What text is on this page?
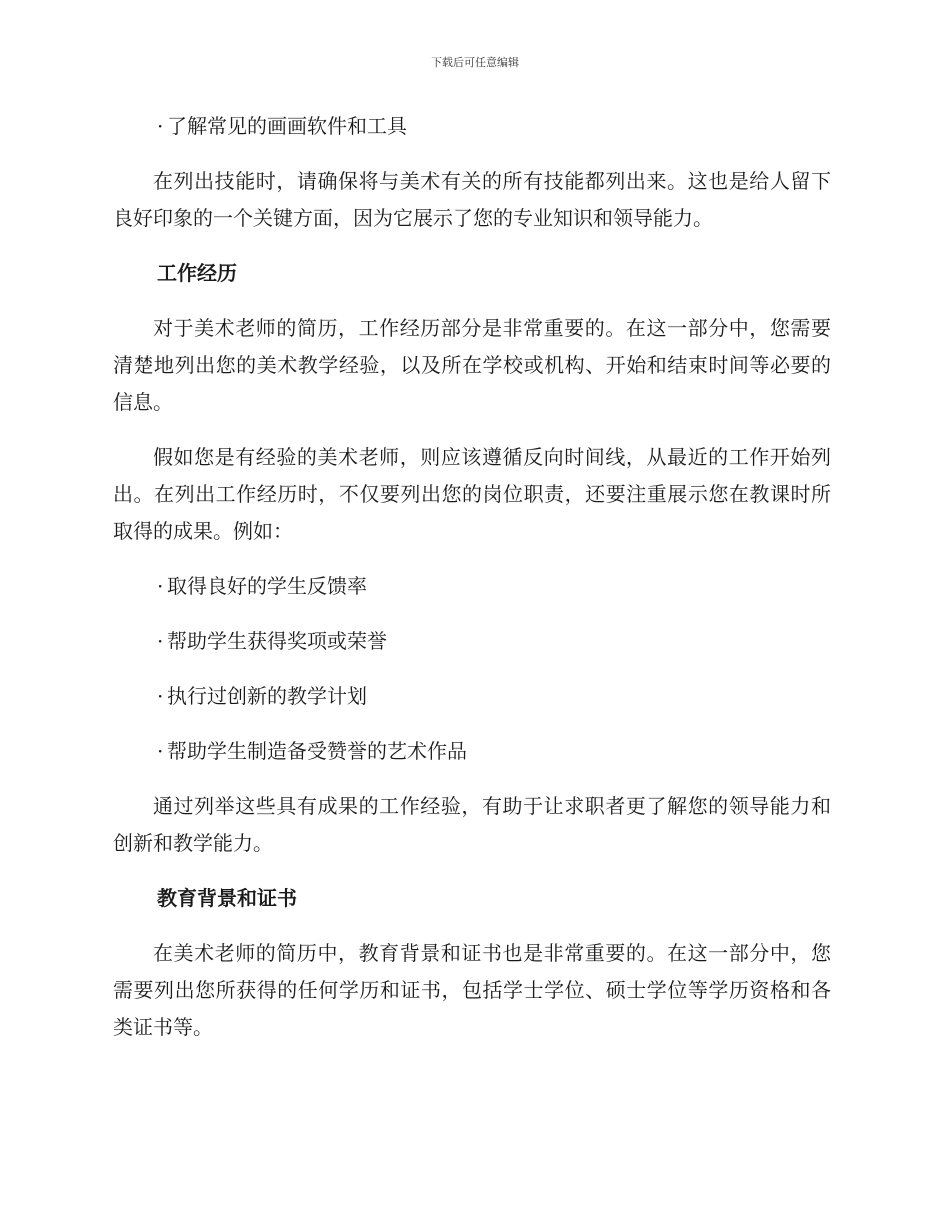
下载后可任意编辑
· 了解常见的画画软件和工具

在列出技能时，请确保将与美术有关的所有技能都列出来。这也是给人留下良好印象的一个关键方面，因为它展示了您的专业知识和领导能力。

工作经历

对于美术老师的简历，工作经历部分是非常重要的。在这一部分中，您需要清楚地列出您的美术教学经验，以及所在学校或机构、开始和结束时间等必要的信息。

假如您是有经验的美术老师，则应该遵循反向时间线，从最近的工作开始列出。在列出工作经历时，不仅要列出您的岗位职责，还要注重展示您在教课时所取得的成果。例如：

· 取得良好的学生反馈率
· 帮助学生获得奖项或荣誉
· 执行过创新的教学计划
· 帮助学生制造备受赞誉的艺术作品

通过列举这些具有成果的工作经验，有助于让求职者更了解您的领导能力和创新和教学能力。

教育背景和证书

在美术老师的简历中，教育背景和证书也是非常重要的。在这一部分中，您需要列出您所获得的任何学历和证书，包括学士学位、硕士学位等学历资格和各类证书等。
